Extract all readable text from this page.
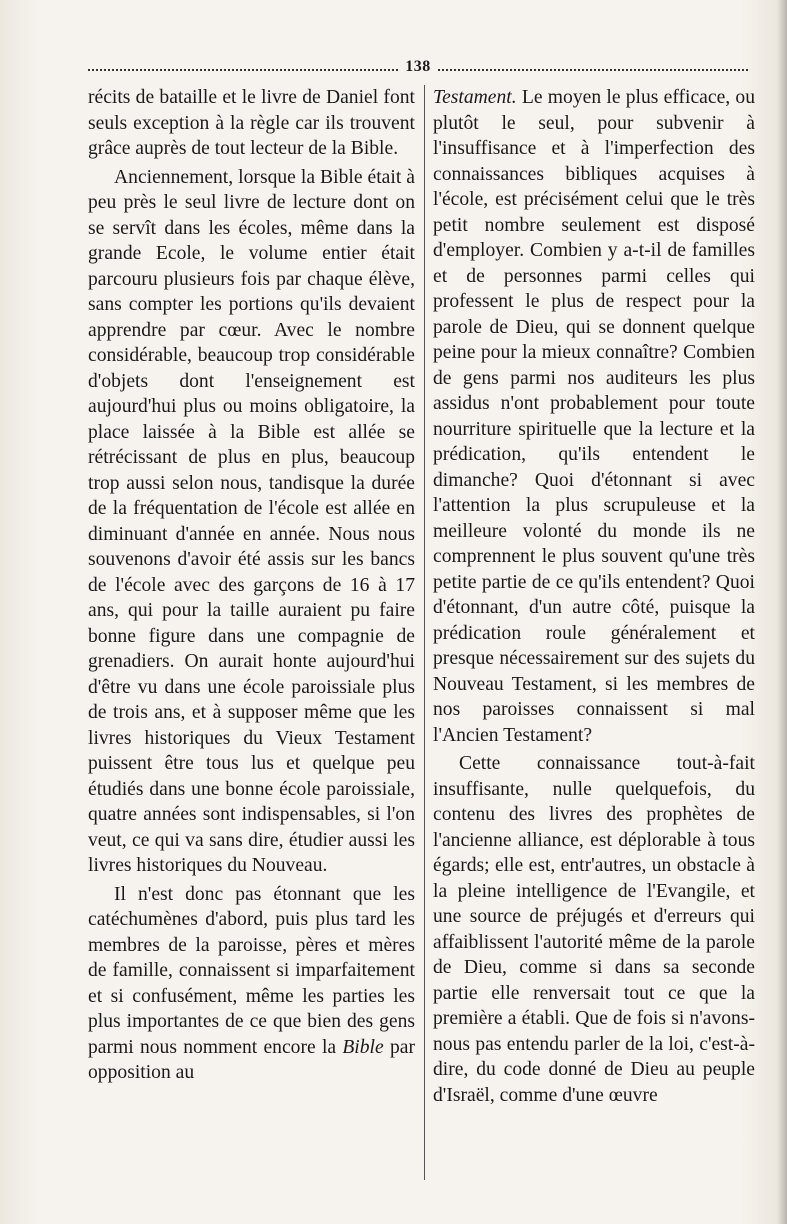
138

récits de bataille et le livre de Daniel font seuls exception à la règle car ils trouvent grâce auprès de tout lecteur de la Bible.

Anciennement, lorsque la Bible était à peu près le seul livre de lecture dont on se servît dans les écoles, même dans la grande Ecole, le volume entier était parcouru plusieurs fois par chaque élève, sans compter les portions qu'ils devaient apprendre par cœur. Avec le nombre considérable, beaucoup trop considérable d'objets dont l'enseignement est aujourd'hui plus ou moins obligatoire, la place laissée à la Bible est allée se rétrécissant de plus en plus, beaucoup trop aussi selon nous, tandisque la durée de la fréquentation de l'école est allée en diminuant d'année en année. Nous nous souvenons d'avoir été assis sur les bancs de l'école avec des garçons de 16 à 17 ans, qui pour la taille auraient pu faire bonne figure dans une compagnie de grenadiers. On aurait honte aujourd'hui d'être vu dans une école paroissiale plus de trois ans, et à supposer même que les livres historiques du Vieux Testament puissent être tous lus et quelque peu étudiés dans une bonne école paroissiale, quatre années sont indispensables, si l'on veut, ce qui va sans dire, étudier aussi les livres historiques du Nouveau.

Il n'est donc pas étonnant que les catéchumènes d'abord, puis plus tard les membres de la paroisse, pères et mères de famille, connaissent si imparfaitement et si confusément, même les parties les plus importantes de ce que bien des gens parmi nous nomment encore la Bible par opposition au

Testament. Le moyen le plus efficace, ou plutôt le seul, pour subvenir à l'insuffisance et à l'imperfection des connaissances bibliques acquises à l'école, est précisément celui que le très petit nombre seulement est disposé d'employer. Combien y a-t-il de familles et de personnes parmi celles qui professent le plus de respect pour la parole de Dieu, qui se donnent quelque peine pour la mieux connaître? Combien de gens parmi nos auditeurs les plus assidus n'ont probablement pour toute nourriture spirituelle que la lecture et la prédication, qu'ils entendent le dimanche? Quoi d'étonnant si avec l'attention la plus scrupuleuse et la meilleure volonté du monde ils ne comprennent le plus souvent qu'une très petite partie de ce qu'ils entendent? Quoi d'étonnant, d'un autre côté, puisque la prédication roule généralement et presque nécessairement sur des sujets du Nouveau Testament, si les membres de nos paroisses connaissent si mal l'Ancien Testament?

Cette connaissance tout-à-fait insuffisante, nulle quelquefois, du contenu des livres des prophètes de l'ancienne alliance, est déplorable à tous égards; elle est, entr'autres, un obstacle à la pleine intelligence de l'Evangile, et une source de préjugés et d'erreurs qui affaiblissent l'autorité même de la parole de Dieu, comme si dans sa seconde partie elle renversait tout ce que la première a établi. Que de fois si n'avons-nous pas entendu parler de la loi, c'est-à-dire, du code donné de Dieu au peuple d'Israël, comme d'une œuvre
